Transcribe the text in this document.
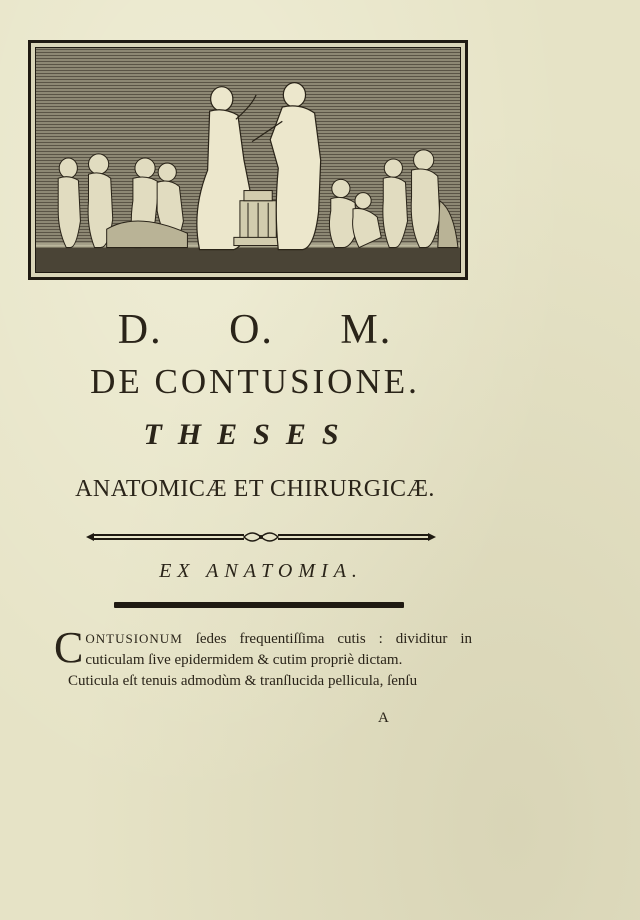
D. O. M.
DE CONTUSIONE.
THESES
ANATOMICÆ ET CHIRURGICÆ.
EX ANATOMIA.

CONTUSIONUM ſedes frequentiſſima cutis : dividitur in cuticulam ſive epidermidem & cutim propriè dictam.

Cuticula eſt tenuis admodùm & tranſlucida pellicula, ſenſu

A
